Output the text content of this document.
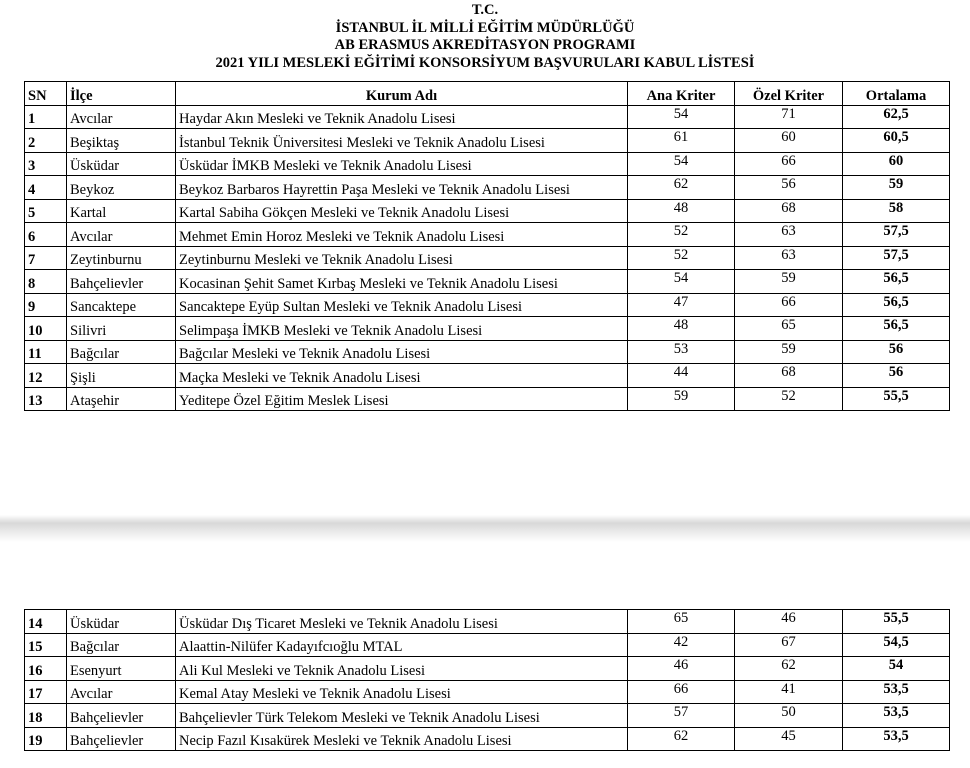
T.C.
İSTANBUL İL MİLLİ EĞİTİM MÜDÜRLÜĞÜ
AB ERASMUS AKREDİTASYON PROGRAMI
2021 YILI MESLEKİ EĞİTİMİ KONSORSİYUM BAŞVURULARI KABUL LİSTESİ
SN	İlçe	Kurum Adı	Ana Kriter	Özel Kriter	Ortalama
1	Avcılar	Haydar Akın Mesleki ve Teknik Anadolu Lisesi	54	71	62,5
2	Beşiktaş	İstanbul Teknik Üniversitesi Mesleki ve Teknik Anadolu Lisesi	61	60	60,5
3	Üsküdar	Üsküdar İMKB Mesleki ve Teknik Anadolu Lisesi	54	66	60
4	Beykoz	Beykoz Barbaros Hayrettin Paşa Mesleki ve Teknik Anadolu Lisesi	62	56	59
5	Kartal	Kartal Sabiha Gökçen Mesleki ve Teknik Anadolu Lisesi	48	68	58
6	Avcılar	Mehmet Emin Horoz Mesleki ve Teknik Anadolu Lisesi	52	63	57,5
7	Zeytinburnu	Zeytinburnu Mesleki ve Teknik Anadolu Lisesi	52	63	57,5
8	Bahçelievler	Kocasinan Şehit Samet Kırbaş Mesleki ve Teknik Anadolu Lisesi	54	59	56,5
9	Sancaktepe	Sancaktepe Eyüp Sultan Mesleki ve Teknik Anadolu Lisesi	47	66	56,5
10	Silivri	Selimpaşa İMKB Mesleki ve Teknik Anadolu Lisesi	48	65	56,5
11	Bağcılar	Bağcılar Mesleki ve Teknik Anadolu Lisesi	53	59	56
12	Şişli	Maçka Mesleki ve Teknik Anadolu Lisesi	44	68	56
13	Ataşehir	Yeditepe Özel Eğitim Meslek Lisesi	59	52	55,5
14	Üsküdar	Üsküdar Dış Ticaret Mesleki ve Teknik Anadolu Lisesi	65	46	55,5
15	Bağcılar	Alaattin-Nilüfer Kadayıfcıoğlu MTAL	42	67	54,5
16	Esenyurt	Ali Kul Mesleki ve Teknik Anadolu Lisesi	46	62	54
17	Avcılar	Kemal Atay Mesleki ve Teknik Anadolu Lisesi	66	41	53,5
18	Bahçelievler	Bahçelievler Türk Telekom Mesleki ve Teknik Anadolu Lisesi	57	50	53,5
19	Bahçelievler	Necip Fazıl Kısakürek Mesleki ve Teknik Anadolu Lisesi	62	45	53,5
